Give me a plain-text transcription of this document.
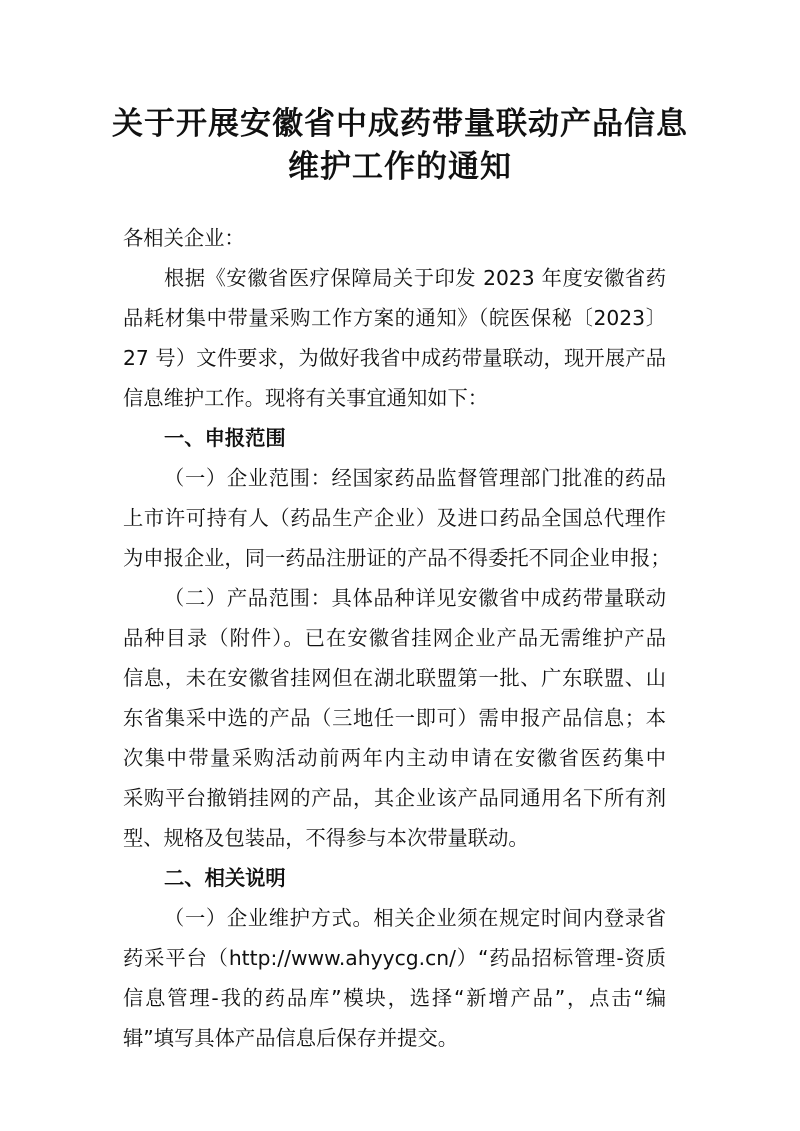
关于开展安徽省中成药带量联动产品信息
维护工作的通知
各相关企业：
根据《安徽省医疗保障局关于印发 2023 年度安徽省药
品耗材集中带量采购工作方案的通知》（皖医保秘〔2023〕
27 号）文件要求，为做好我省中成药带量联动，现开展产品
信息维护工作。现将有关事宜通知如下：
一、申报范围
（一）企业范围：经国家药品监督管理部门批准的药品
上市许可持有人（药品生产企业）及进口药品全国总代理作
为申报企业，同一药品注册证的产品不得委托不同企业申报；
（二）产品范围：具体品种详见安徽省中成药带量联动
品种目录（附件）。已在安徽省挂网企业产品无需维护产品
信息，未在安徽省挂网但在湖北联盟第一批、广东联盟、山
东省集采中选的产品（三地任一即可）需申报产品信息；本
次集中带量采购活动前两年内主动申请在安徽省医药集中
采购平台撤销挂网的产品，其企业该产品同通用名下所有剂
型、规格及包装品，不得参与本次带量联动。
二、相关说明
（一）企业维护方式。相关企业须在规定时间内登录省
药采平台（http://www.ahyycg.cn/）“药品招标管理-资质
信息管理-我的药品库”模块，选择“新增产品”，点击“编
辑”填写具体产品信息后保存并提交。
